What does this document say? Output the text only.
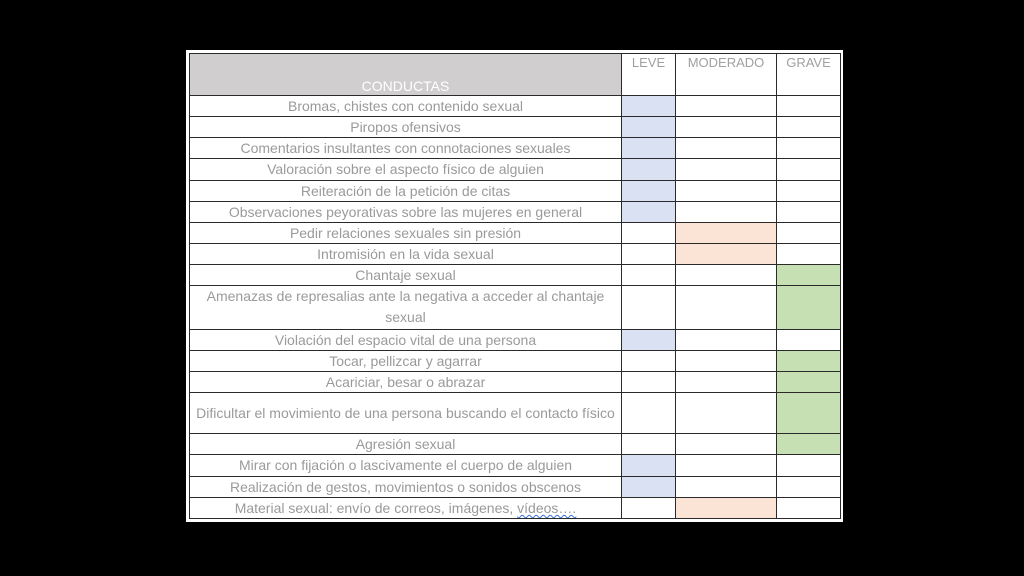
CONDUCTAS	LEVE	MODERADO	GRAVE
Bromas, chistes con contenido sexual			
Piropos ofensivos			
Comentarios insultantes con connotaciones sexuales			
Valoración sobre el aspecto físico de alguien			
Reiteración de la petición de citas			
Observaciones peyorativas sobre las mujeres en general			
Pedir relaciones sexuales sin presión			
Intromisión en la vida sexual			
Chantaje sexual			
Amenazas de represalias ante la negativa a acceder al chantaje sexual			
Violación del espacio vital de una persona			
Tocar, pellizcar y agarrar			
Acariciar, besar o abrazar			
Dificultar el movimiento de una persona buscando el contacto físico			
Agresión sexual			
Mirar con fijación o lascivamente el cuerpo de alguien			
Realización de gestos, movimientos o sonidos obscenos			
Material sexual: envío de correos, imágenes, vídeos….			
